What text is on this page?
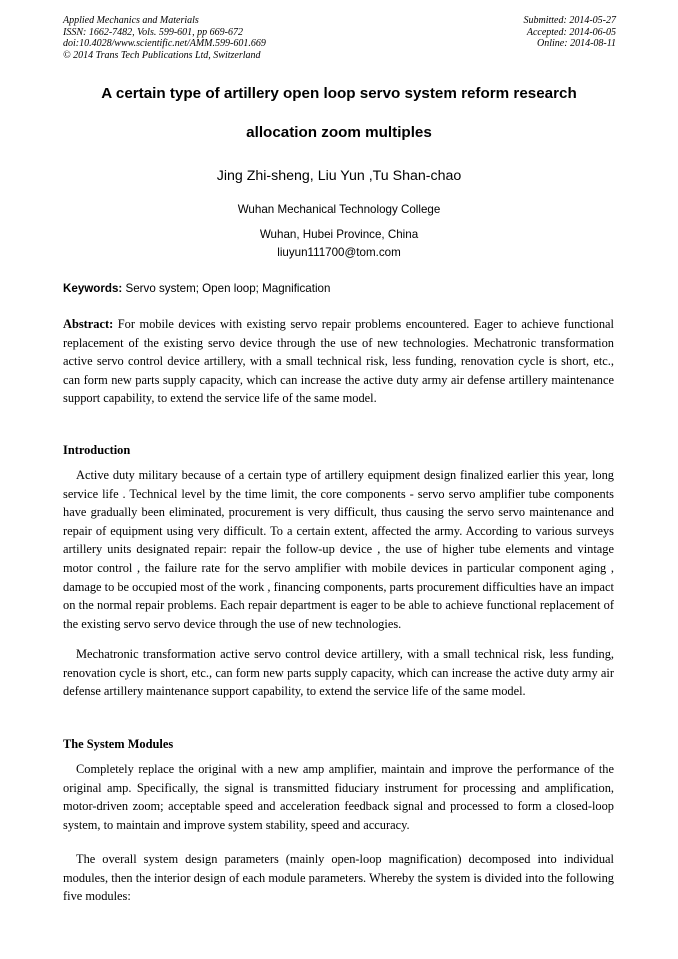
Applied Mechanics and Materials
ISSN: 1662-7482, Vols. 599-601, pp 669-672
doi:10.4028/www.scientific.net/AMM.599-601.669
© 2014 Trans Tech Publications Ltd, Switzerland
Submitted: 2014-05-27
Accepted: 2014-06-05
Online: 2014-08-11
A certain type of artillery open loop servo system reform research
allocation zoom multiples
Jing Zhi-sheng, Liu Yun ,Tu Shan-chao
Wuhan Mechanical Technology College
Wuhan, Hubei Province, China
liuyun111700@tom.com
Keywords: Servo system; Open loop; Magnification

Abstract: For mobile devices with existing servo repair problems encountered. Eager to achieve functional replacement of the existing servo device through the use of new technologies. Mechatronic transformation active servo control device artillery, with a small technical risk, less funding, renovation cycle is short, etc., can form new parts supply capacity, which can increase the active duty army air defense artillery maintenance support capability, to extend the service life of the same model.

Introduction

Active duty military because of a certain type of artillery equipment design finalized earlier this year, long service life . Technical level by the time limit, the core components - servo servo amplifier tube components have gradually been eliminated, procurement is very difficult, thus causing the servo servo maintenance and repair of equipment using very difficult. To a certain extent, affected the army. According to various surveys artillery units designated repair: repair the follow-up device , the use of higher tube elements and vintage motor control , the failure rate for the servo amplifier with mobile devices in particular component aging , damage to be occupied most of the work , financing components, parts procurement difficulties have an impact on the normal repair problems. Each repair department is eager to be able to achieve functional replacement of the existing servo servo device through the use of new technologies.

Mechatronic transformation active servo control device artillery, with a small technical risk, less funding, renovation cycle is short, etc., can form new parts supply capacity, which can increase the active duty army air defense artillery maintenance support capability, to extend the service life of the same model.

The System Modules

Completely replace the original with a new amp amplifier, maintain and improve the performance of the original amp. Specifically, the signal is transmitted fiduciary instrument for processing and amplification, motor-driven zoom; acceptable speed and acceleration feedback signal and processed to form a closed-loop system, to maintain and improve system stability, speed and accuracy.

The overall system design parameters (mainly open-loop magnification) decomposed into individual modules, then the interior design of each module parameters. Whereby the system is divided into the following five modules:
